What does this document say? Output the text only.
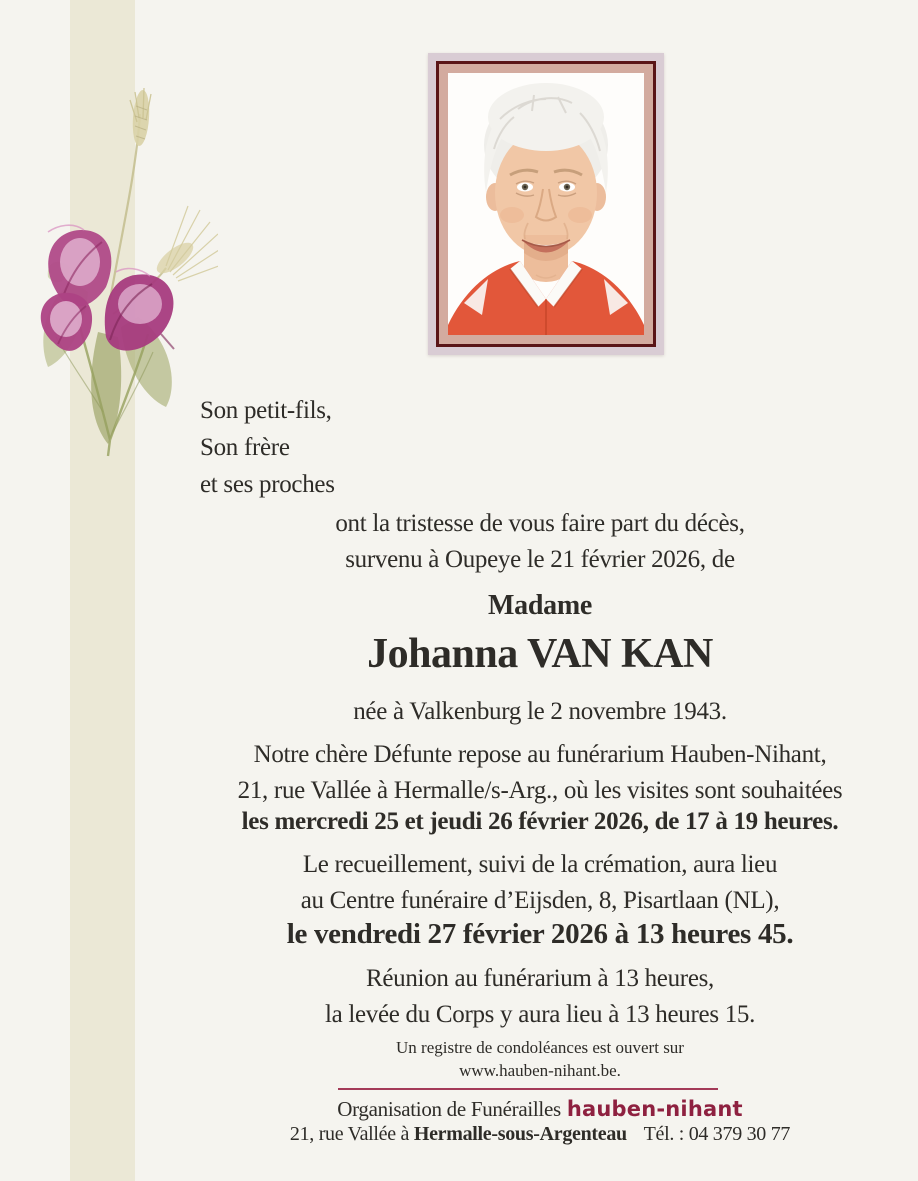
Son petit-fils,
Son frère
et ses proches
ont la tristesse de vous faire part du décès,
survenu à Oupeye le 21 février 2026, de
Madame
Johanna VAN KAN
née à Valkenburg le 2 novembre 1943.
Notre chère Défunte repose au funérarium Hauben-Nihant,
21, rue Vallée à Hermalle/s-Arg., où les visites sont souhaitées
les mercredi 25 et jeudi 26 février 2026, de 17 à 19 heures.
Le recueillement, suivi de la crémation, aura lieu
au Centre funéraire d’Eijsden, 8, Pisartlaan (NL),
le vendredi 27 février 2026 à 13 heures 45.
Réunion au funérarium à 13 heures,
la levée du Corps y aura lieu à 13 heures 15.
Un registre de condoléances est ouvert sur
www.hauben-nihant.be.
Organisation de Funérailles hauben-nihant
21, rue Vallée à Hermalle-sous-Argenteau Tél. : 04 379 30 77
